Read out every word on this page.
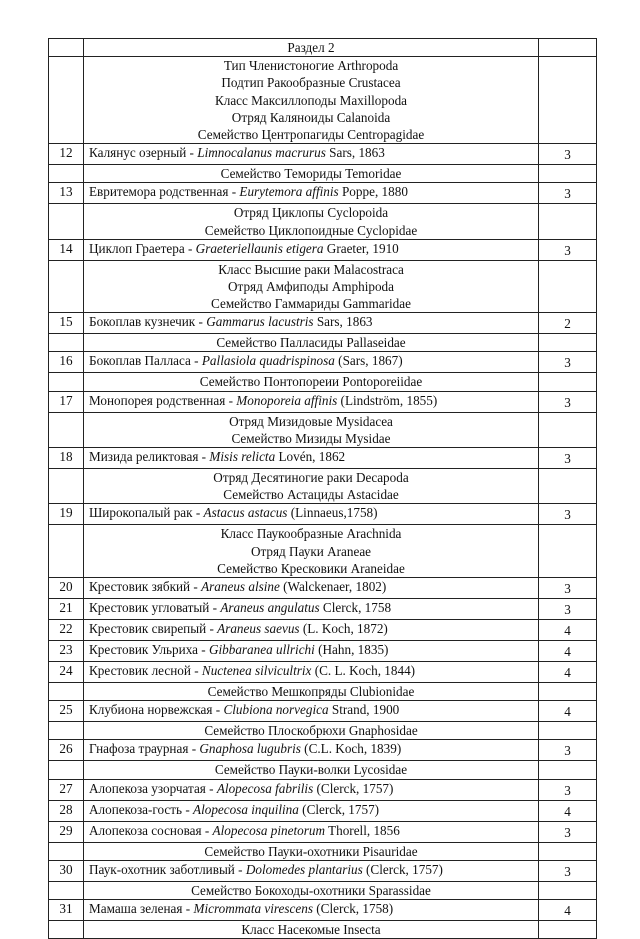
	Раздел 2	

	Тип Членистоногие Arthropoda
Подтип Ракообразные Crustacea
Класс Максиллоподы Maxillopoda
Отряд Каляноиды Calanoida
Семейство Центропагиды Centropagidae	

12	Калянус озерный - Limnocalanus macrurus Sars, 1863	3

	Семейство Темориды Temoridae	

13	Евритемора родственная - Eurytemora affinis Poppe, 1880	3

	Отряд Циклопы Cyclopoida
Семейство Циклопоидные Cyclopidae	

14	Циклоп Граетера - Graeteriellaunis etigera Graeter, 1910	3

	Класс Высшие раки Malacostraca
Отряд Амфиподы Amphipoda
Семейство Гаммариды Gammaridae	

15	Бокоплав кузнечик - Gammarus lacustris Sars, 1863	2

	Семейство Палласиды Pallaseidae	

16	Бокоплав Палласа - Pallasiola quadrispinosa (Sars, 1867)	3

	Семейство Понтопореии Pontoporeiidae	

17	Монопорея родственная - Monoporeia affinis (Lindström, 1855)	3

	Отряд Мизидовые Mysidacea
Семейство Мизиды Mysidae	

18	Мизида реликтовая - Misis relicta Lovén, 1862	3

	Отряд Десятиногие раки Decapoda
Семейство Астациды Astacidae	

19	Широкопалый рак - Astacus astacus (Linnaeus,1758)	3

	Класс Паукообразные Arachnida
Отряд Пауки Araneae
Семейство Кресковики Araneidae	

20	Крестовик зябкий - Araneus alsine (Walckenaer, 1802)	3
21	Крестовик угловатый - Araneus angulatus Clerck, 1758	3
22	Крестовик свирепый - Araneus saevus (L. Koch, 1872)	4
23	Крестовик Ульриха - Gibbaranea ullrichi (Hahn, 1835)	4
24	Крестовик лесной - Nuctenea silvicultrix (C. L. Koch, 1844)	4

	Семейство Мешкопряды Clubionidae	

25	Клубиона норвежская - Clubiona norvegica Strand, 1900	4

	Семейство Плоскобрюхи Gnaphosidae	

26	Гнафоза траурная - Gnaphosa lugubris (C.L. Koch, 1839)	3

	Семейство Пауки-волки Lycosidae	

27	Алопекоза узорчатая - Alopecosa fabrilis (Clerck, 1757)	3
28	Алопекоза-гость - Alopecosa inquilina (Clerck, 1757)	4
29	Алопекоза сосновая - Alopecosa pinetorum Thorell, 1856	3

	Семейство Пауки-охотники Pisauridae	

30	Паук-охотник заботливый - Dolomedes plantarius (Clerck, 1757)	3

	Семейство Бокоходы-охотники Sparassidae	

31	Мамаша зеленая - Micrommata virescens (Clerck, 1758)	4

	Класс Насекомые Insecta	
